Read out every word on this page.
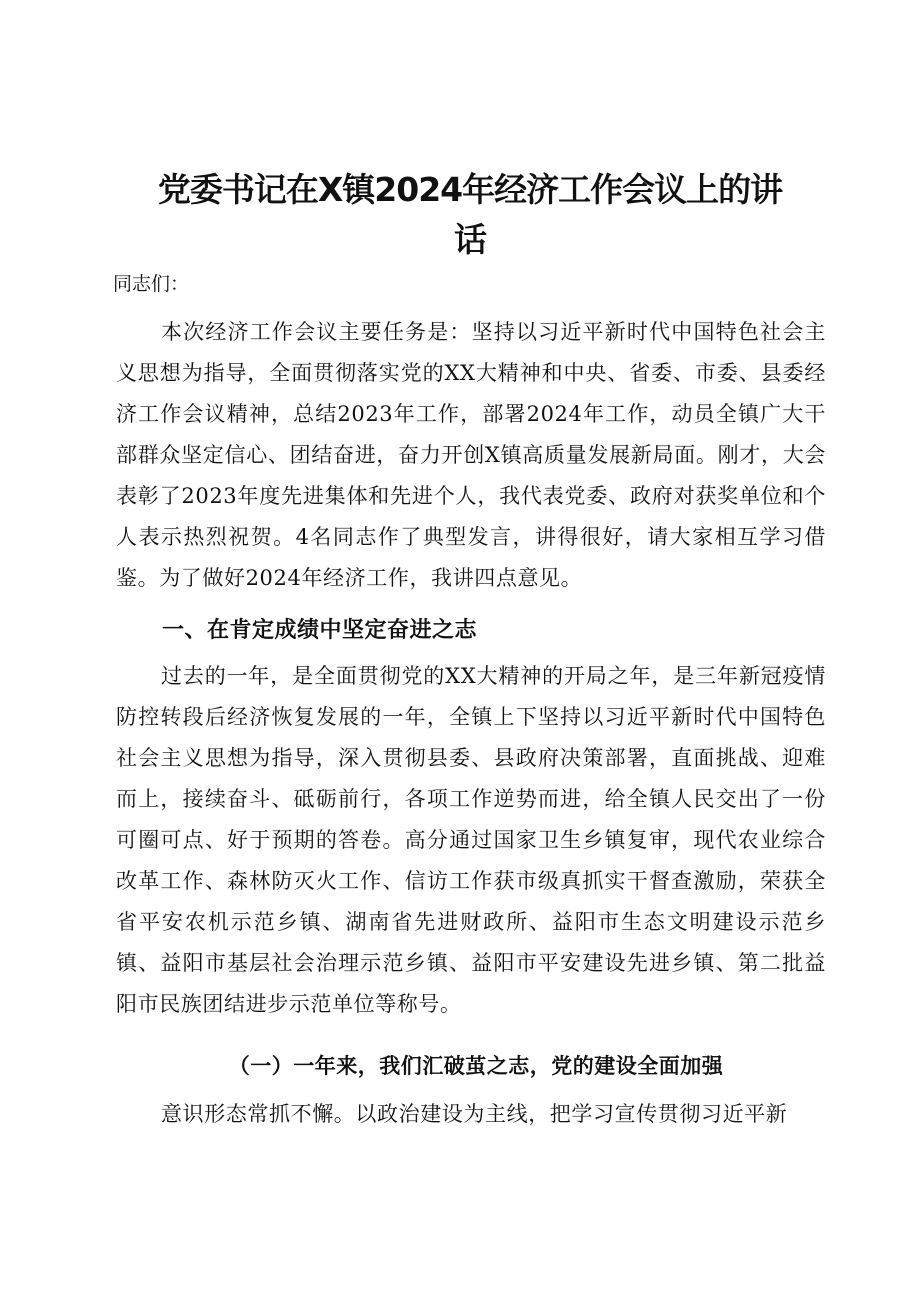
党委书记在X镇2024年经济工作会议上的讲
话

同志们：

本次经济工作会议主要任务是：坚持以习近平新时代中国特色社会主义思想为指导，全面贯彻落实党的XX大精神和中央、省委、市委、县委经济工作会议精神，总结2023年工作，部署2024年工作，动员全镇广大干部群众坚定信心、团结奋进，奋力开创X镇高质量发展新局面。刚才，大会表彰了2023年度先进集体和先进个人，我代表党委、政府对获奖单位和个人表示热烈祝贺。4名同志作了典型发言，讲得很好，请大家相互学习借鉴。为了做好2024年经济工作，我讲四点意见。

一、在肯定成绩中坚定奋进之志

过去的一年，是全面贯彻党的XX大精神的开局之年，是三年新冠疫情防控转段后经济恢复发展的一年，全镇上下坚持以习近平新时代中国特色社会主义思想为指导，深入贯彻县委、县政府决策部署，直面挑战、迎难而上，接续奋斗、砥砺前行，各项工作逆势而进，给全镇人民交出了一份可圈可点、好于预期的答卷。高分通过国家卫生乡镇复审，现代农业综合改革工作、森林防灭火工作、信访工作获市级真抓实干督查激励，荣获全省平安农机示范乡镇、湖南省先进财政所、益阳市生态文明建设示范乡镇、益阳市基层社会治理示范乡镇、益阳市平安建设先进乡镇、第二批益阳市民族团结进步示范单位等称号。

（一）一年来，我们汇破茧之志，党的建设全面加强

意识形态常抓不懈。以政治建设为主线，把学习宣传贯彻习近平新
